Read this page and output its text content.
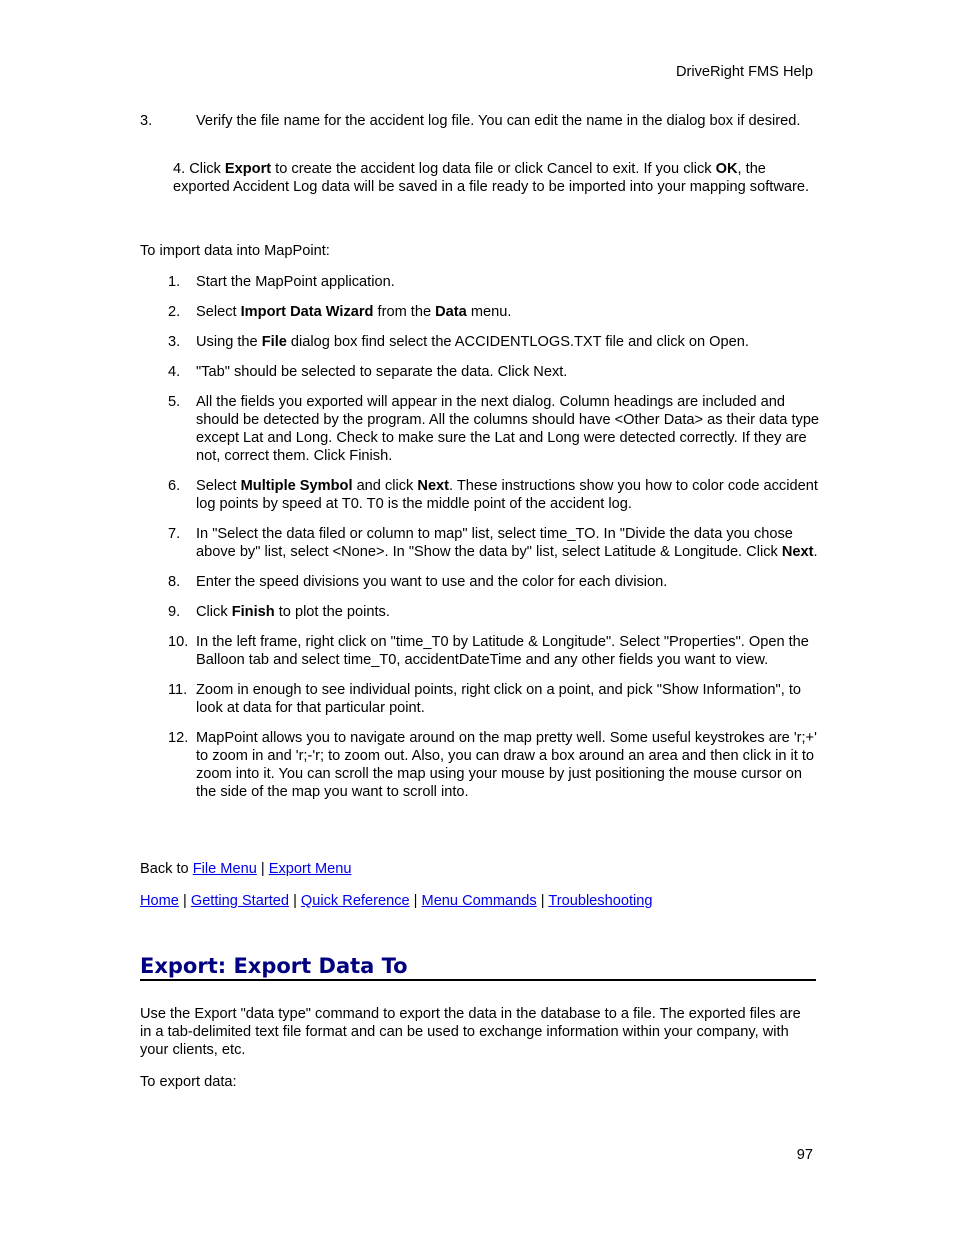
DriveRight FMS Help
3.	Verify the file name for the accident log file. You can edit the name in the dialog box if desired.
4. Click Export to create the accident log data file or click Cancel to exit. If you click OK, the exported Accident Log data will be saved in a file ready to be imported into your mapping software.
To import data into MapPoint:
1. Start the MapPoint application.
2. Select Import Data Wizard from the Data menu.
3. Using the File dialog box find select the ACCIDENTLOGS.TXT file and click on Open.
4. "Tab" should be selected to separate the data. Click Next.
5. All the fields you exported will appear in the next dialog. Column headings are included and should be detected by the program. All the columns should have <Other Data> as their data type except Lat and Long. Check to make sure the Lat and Long were detected correctly. If they are not, correct them. Click Finish.
6. Select Multiple Symbol and click Next. These instructions show you how to color code accident log points by speed at T0. T0 is the middle point of the accident log.
7. In "Select the data filed or column to map" list, select time_TO. In "Divide the data you chose above by" list, select <None>. In "Show the data by" list, select Latitude & Longitude. Click Next.
8. Enter the speed divisions you want to use and the color for each division.
9. Click Finish to plot the points.
10. In the left frame, right click on "time_T0 by Latitude & Longitude". Select "Properties". Open the Balloon tab and select time_T0, accidentDateTime and any other fields you want to view.
11. Zoom in enough to see individual points, right click on a point, and pick "Show Information", to look at data for that particular point.
12. MapPoint allows you to navigate around on the map pretty well. Some useful keystrokes are 'r;+' to zoom in and 'r;-'r; to zoom out. Also, you can draw a box around an area and then click in it to zoom into it. You can scroll the map using your mouse by just positioning the mouse cursor on the side of the map you want to scroll into.
Back to File Menu | Export Menu
Home | Getting Started | Quick Reference | Menu Commands | Troubleshooting
Export: Export Data To
Use the Export "data type" command to export the data in the database to a file. The exported files are in a tab-delimited text file format and can be used to exchange information within your company, with your clients, etc.
To export data:
97
